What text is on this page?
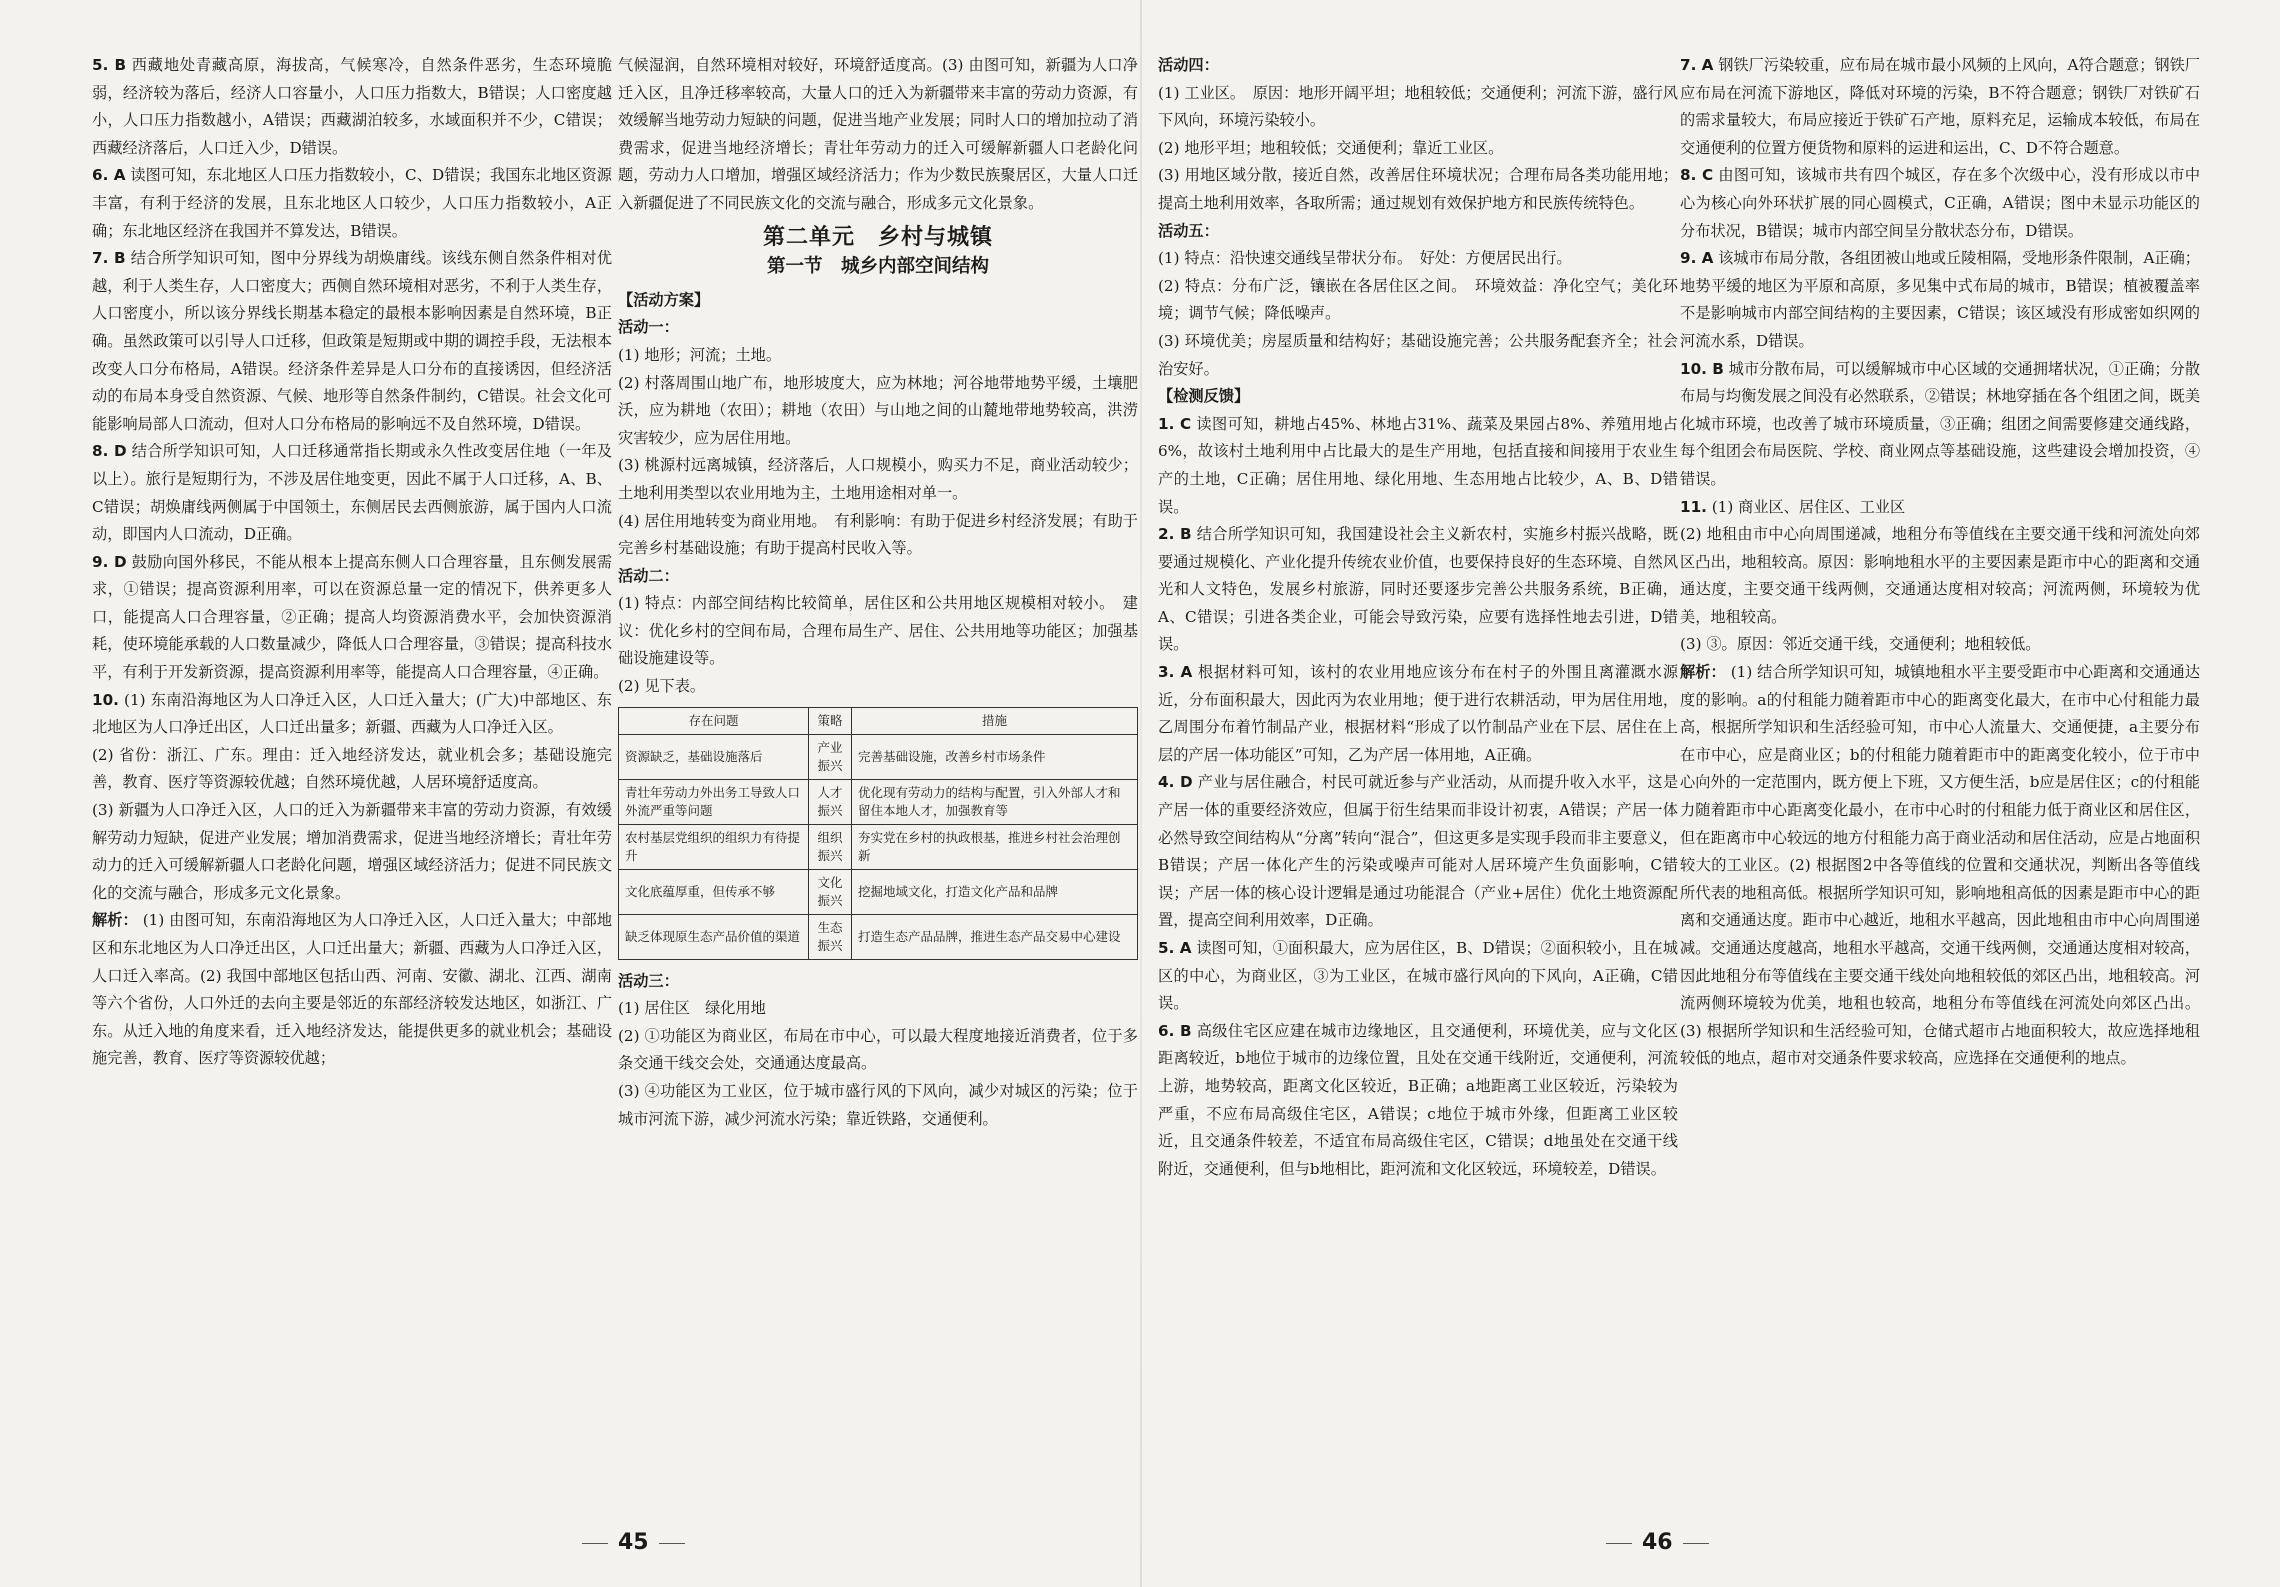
5. B 西藏地处青藏高原，海拔高，气候寒冷，自然条件恶劣，生态环境脆弱，经济较为落后，经济人口容量小，人口压力指数大，B错误；人口密度越小，人口压力指数越小，A错误；西藏湖泊较多，水域面积并不少，C错误；西藏经济落后，人口迁入少，D错误。

6. A 读图可知，东北地区人口压力指数较小，C、D错误；我国东北地区资源丰富，有利于经济的发展，且东北地区人口较少，人口压力指数较小，A正确；东北地区经济在我国并不算发达，B错误。

7. B 结合所学知识可知，图中分界线为胡焕庸线。该线东侧自然条件相对优越，利于人类生存，人口密度大；西侧自然环境相对恶劣，不利于人类生存，人口密度小，所以该分界线长期基本稳定的最根本影响因素是自然环境，B正确。虽然政策可以引导人口迁移，但政策是短期或中期的调控手段，无法根本改变人口分布格局，A错误。经济条件差异是人口分布的直接诱因，但经济活动的布局本身受自然资源、气候、地形等自然条件制约，C错误。社会文化可能影响局部人口流动，但对人口分布格局的影响远不及自然环境，D错误。

8. D 结合所学知识可知，人口迁移通常指长期或永久性改变居住地（一年及以上）。旅行是短期行为，不涉及居住地变更，因此不属于人口迁移，A、B、C错误；胡焕庸线两侧属于中国领土，东侧居民去西侧旅游，属于国内人口流动，即国内人口流动，D正确。

9. D 鼓励向国外移民，不能从根本上提高东侧人口合理容量，且东侧发展需求，①错误；提高资源利用率，可以在资源总量一定的情况下，供养更多人口，能提高人口合理容量，②正确；提高人均资源消费水平，会加快资源消耗，使环境能承载的人口数量减少，降低人口合理容量，③错误；提高科技水平，有利于开发新资源，提高资源利用率等，能提高人口合理容量，④正确。

10. (1) 东南沿海地区为人口净迁入区，人口迁入量大；(广大)中部地区、东北地区为人口净迁出区，人口迁出量多；新疆、西藏为人口净迁入区。

(2) 省份：浙江、广东。理由：迁入地经济发达，就业机会多；基础设施完善，教育、医疗等资源较优越；自然环境优越，人居环境舒适度高。

(3) 新疆为人口净迁入区，人口的迁入为新疆带来丰富的劳动力资源，有效缓解劳动力短缺，促进产业发展；增加消费需求，促进当地经济增长；青壮年劳动力的迁入可缓解新疆人口老龄化问题，增强区域经济活力；促进不同民族文化的交流与融合，形成多元文化景象。

解析： (1) 由图可知，东南沿海地区为人口净迁入区，人口迁入量大；中部地区和东北地区为人口净迁出区，人口迁出量大；新疆、西藏为人口净迁入区，人口迁入率高。(2) 我国中部地区包括山西、河南、安徽、湖北、江西、湖南等六个省份，人口外迁的去向主要是邻近的东部经济较发达地区，如浙江、广东。从迁入地的角度来看，迁入地经济发达，能提供更多的就业机会；基础设施完善，教育、医疗等资源较优越；

气候湿润，自然环境相对较好，环境舒适度高。(3) 由图可知，新疆为人口净迁入区，且净迁移率较高，大量人口的迁入为新疆带来丰富的劳动力资源，有效缓解当地劳动力短缺的问题，促进当地产业发展；同时人口的增加拉动了消费需求，促进当地经济增长；青壮年劳动力的迁入可缓解新疆人口老龄化问题，劳动力人口增加，增强区域经济活力；作为少数民族聚居区，大量人口迁入新疆促进了不同民族文化的交流与融合，形成多元文化景象。

第二单元　乡村与城镇
第一节　城乡内部空间结构

【活动方案】

活动一：

(1) 地形；河流；土地。

(2) 村落周围山地广布，地形坡度大，应为林地；河谷地带地势平缓，土壤肥沃，应为耕地（农田）；耕地（农田）与山地之间的山麓地带地势较高，洪涝灾害较少，应为居住用地。

(3) 桃源村远离城镇，经济落后，人口规模小，购买力不足，商业活动较少；土地利用类型以农业用地为主，土地用途相对单一。

(4) 居住用地转变为商业用地。　有利影响：有助于促进乡村经济发展；有助于完善乡村基础设施；有助于提高村民收入等。

活动二：

(1) 特点：内部空间结构比较简单，居住区和公共用地区规模相对较小。　建议：优化乡村的空间布局，合理布局生产、居住、公共用地等功能区；加强基础设施建设等。

(2) 见下表。

存在问题	策略	措施
资源缺乏，基础设施落后	产业振兴	完善基础设施，改善乡村市场条件
青壮年劳动力外出务工导致人口外流严重等问题	人才振兴	优化现有劳动力的结构与配置，引入外部人才和留住本地人才，加强教育等
农村基层党组织的组织力有待提升	组织振兴	夯实党在乡村的执政根基，推进乡村社会治理创新
文化底蕴厚重，但传承不够	文化振兴	挖掘地域文化，打造文化产品和品牌
缺乏体现原生态产品价值的渠道	生态振兴	打造生态产品品牌，推进生态产品交易中心建设

活动三：

(1) 居住区　绿化用地

(2) ①功能区为商业区，布局在市中心，可以最大程度地接近消费者，位于多条交通干线交会处，交通通达度最高。

(3) ④功能区为工业区，位于城市盛行风的下风向，减少对城区的污染；位于城市河流下游，减少河流水污染；靠近铁路，交通便利。

活动四：

(1) 工业区。　原因：地形开阔平坦；地租较低；交通便利；河流下游，盛行风下风向，环境污染较小。

(2) 地形平坦；地租较低；交通便利；靠近工业区。

(3) 用地区域分散，接近自然，改善居住环境状况；合理布局各类功能用地；提高土地利用效率，各取所需；通过规划有效保护地方和民族传统特色。

活动五：

(1) 特点：沿快速交通线呈带状分布。　好处：方便居民出行。

(2) 特点：分布广泛，镶嵌在各居住区之间。　环境效益：净化空气；美化环境；调节气候；降低噪声。

(3) 环境优美；房屋质量和结构好；基础设施完善；公共服务配套齐全；社会治安好。

【检测反馈】

1. C 读图可知，耕地占45%、林地占31%、蔬菜及果园占8%、养殖用地占6%，故该村土地利用中占比最大的是生产用地，包括直接和间接用于农业生产的土地，C正确；居住用地、绿化用地、生态用地占比较少，A、B、D错误。

2. B 结合所学知识可知，我国建设社会主义新农村，实施乡村振兴战略，既要通过规模化、产业化提升传统农业价值，也要保持良好的生态环境、自然风光和人文特色，发展乡村旅游，同时还要逐步完善公共服务系统，B正确，A、C错误；引进各类企业，可能会导致污染，应要有选择性地去引进，D错误。

3. A 根据材料可知，该村的农业用地应该分布在村子的外围且离灌溉水源近，分布面积最大，因此丙为农业用地；便于进行农耕活动，甲为居住用地，乙周围分布着竹制品产业，根据材料“形成了以竹制品产业在下层、居住在上层的产居一体功能区”可知，乙为产居一体用地，A正确。

4. D 产业与居住融合，村民可就近参与产业活动，从而提升收入水平，这是产居一体的重要经济效应，但属于衍生结果而非设计初衷，A错误；产居一体必然导致空间结构从“分离”转向“混合”，但这更多是实现手段而非主要意义，B错误；产居一体化产生的污染或噪声可能对人居环境产生负面影响，C错误；产居一体的核心设计逻辑是通过功能混合（产业+居住）优化土地资源配置，提高空间利用效率，D正确。

5. A 读图可知，①面积最大，应为居住区，B、D错误；②面积较小，且在城区的中心，为商业区，③为工业区，在城市盛行风向的下风向，A正确，C错误。

6. B 高级住宅区应建在城市边缘地区，且交通便利，环境优美，应与文化区距离较近，b地位于城市的边缘位置，且处在交通干线附近，交通便利，河流上游，地势较高，距离文化区较近，B正确；a地距离工业区较近，污染较为严重，不应布局高级住宅区，A错误；c地位于城市外缘，但距离工业区较近，且交通条件较差，不适宜布局高级住宅区，C错误；d地虽处在交通干线附近，交通便利，但与b地相比，距河流和文化区较远，环境较差，D错误。

7. A 钢铁厂污染较重，应布局在城市最小风频的上风向，A符合题意；钢铁厂应布局在河流下游地区，降低对环境的污染，B不符合题意；钢铁厂对铁矿石的需求量较大，布局应接近于铁矿石产地，原料充足，运输成本较低，布局在交通便利的位置方便货物和原料的运进和运出，C、D不符合题意。

8. C 由图可知，该城市共有四个城区，存在多个次级中心，没有形成以市中心为核心向外环状扩展的同心圆模式，C正确，A错误；图中未显示功能区的分布状况，B错误；城市内部空间呈分散状态分布，D错误。

9. A 该城市布局分散，各组团被山地或丘陵相隔，受地形条件限制，A正确；地势平缓的地区为平原和高原，多见集中式布局的城市，B错误；植被覆盖率不是影响城市内部空间结构的主要因素，C错误；该区域没有形成密如织网的河流水系，D错误。

10. B 城市分散布局，可以缓解城市中心区域的交通拥堵状况，①正确；分散布局与均衡发展之间没有必然联系，②错误；林地穿插在各个组团之间，既美化城市环境，也改善了城市环境质量，③正确；组团之间需要修建交通线路，每个组团会布局医院、学校、商业网点等基础设施，这些建设会增加投资，④错误。

11. (1) 商业区、居住区、工业区

(2) 地租由市中心向周围递减，地租分布等值线在主要交通干线和河流处向郊区凸出，地租较高。原因：影响地租水平的主要因素是距市中心的距离和交通通达度，主要交通干线两侧，交通通达度相对较高；河流两侧，环境较为优美，地租较高。

(3) ③。原因：邻近交通干线，交通便利；地租较低。

解析： (1) 结合所学知识可知，城镇地租水平主要受距市中心距离和交通通达度的影响。a的付租能力随着距市中心的距离变化最大，在市中心付租能力最高，根据所学知识和生活经验可知，市中心人流量大、交通便捷，a主要分布在市中心，应是商业区；b的付租能力随着距市中的距离变化较小，位于市中心向外的一定范围内，既方便上下班，又方便生活，b应是居住区；c的付租能力随着距市中心距离变化最小，在市中心时的付租能力低于商业区和居住区，但在距离市中心较远的地方付租能力高于商业活动和居住活动，应是占地面积较大的工业区。(2) 根据图2中各等值线的位置和交通状况，判断出各等值线所代表的地租高低。根据所学知识可知，影响地租高低的因素是距市中心的距离和交通通达度。距市中心越近，地租水平越高，因此地租由市中心向周围递减。交通通达度越高，地租水平越高，交通干线两侧，交通通达度相对较高，因此地租分布等值线在主要交通干线处向地租较低的郊区凸出，地租较高。河流两侧环境较为优美，地租也较高，地租分布等值线在河流处向郊区凸出。(3) 根据所学知识和生活经验可知，仓储式超市占地面积较大，故应选择地租较低的地点，超市对交通条件要求较高，应选择在交通便利的地点。

45	46
